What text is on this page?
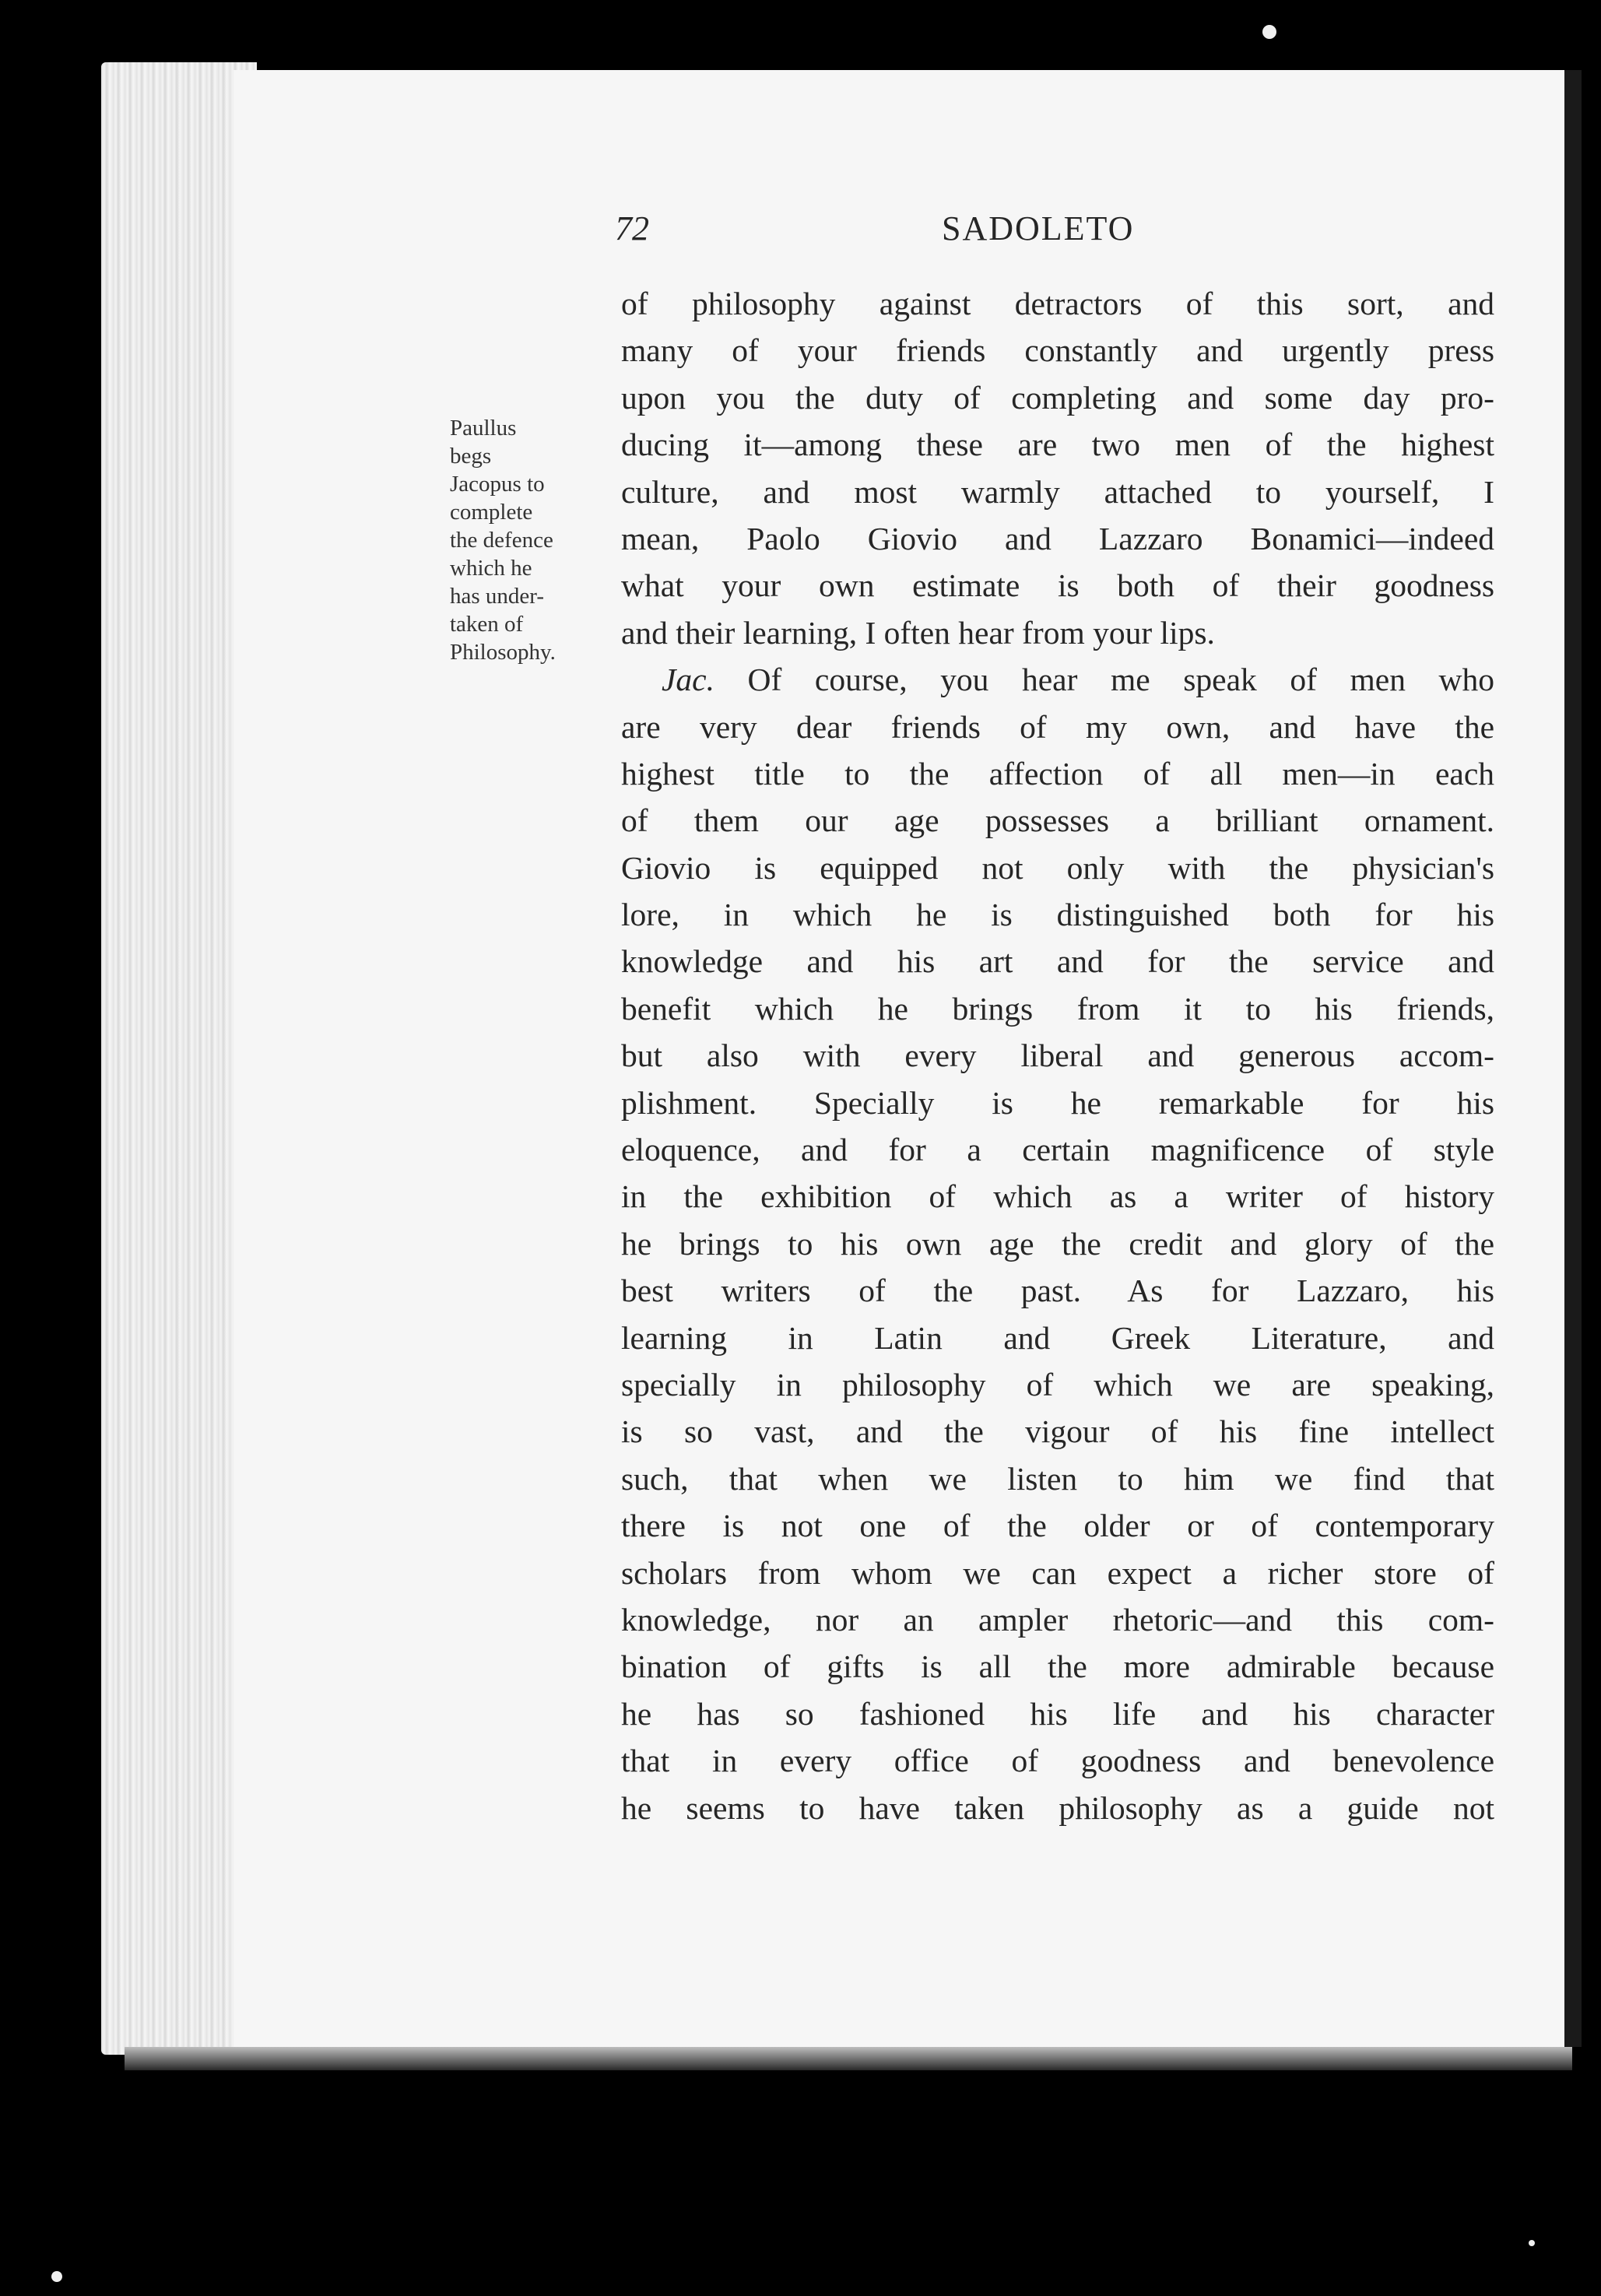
72	SADOLETO
Paullus
begs
Jacopus to
complete
the defence
which he
has under-
taken of
Philosophy.
of philosophy against detractors of this sort, and
many of your friends constantly and urgently press
upon you the duty of completing and some day pro-
ducing it—among these are two men of the highest
culture, and most warmly attached to yourself, I
mean, Paolo Giovio and Lazzaro Bonamici—indeed
what your own estimate is both of their goodness
and their learning, I often hear from your lips.
Jac. Of course, you hear me speak of men who
are very dear friends of my own, and have the
highest title to the affection of all men—in each
of them our age possesses a brilliant ornament.
Giovio is equipped not only with the physician's
lore, in which he is distinguished both for his
knowledge and his art and for the service and
benefit which he brings from it to his friends,
but also with every liberal and generous accom-
plishment. Specially is he remarkable for his
eloquence, and for a certain magnificence of style
in the exhibition of which as a writer of history
he brings to his own age the credit and glory of the
best writers of the past. As for Lazzaro, his
learning in Latin and Greek Literature, and
specially in philosophy of which we are speaking,
is so vast, and the vigour of his fine intellect
such, that when we listen to him we find that
there is not one of the older or of contemporary
scholars from whom we can expect a richer store of
knowledge, nor an ampler rhetoric—and this com-
bination of gifts is all the more admirable because
he has so fashioned his life and his character
that in every office of goodness and benevolence
he seems to have taken philosophy as a guide not
